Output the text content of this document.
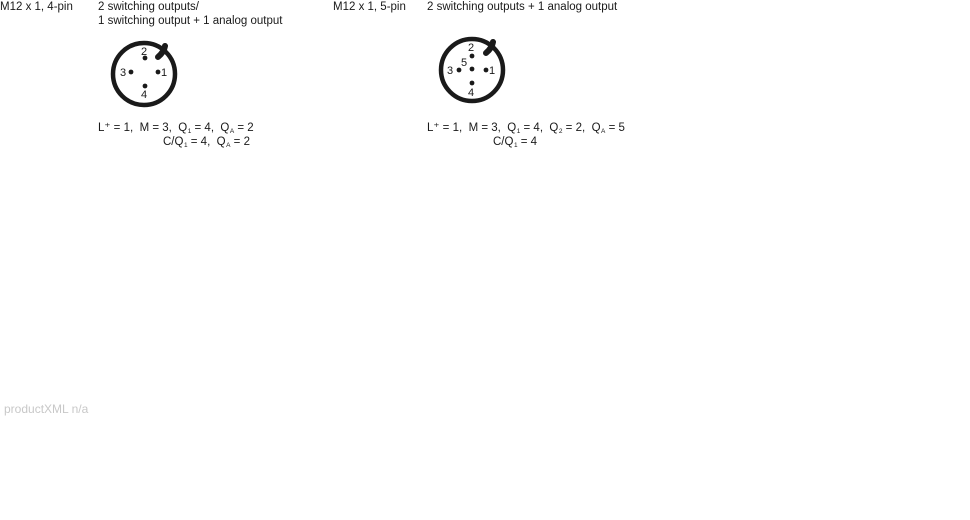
M12 x 1, 4-pin 2 switching outputs/
1 switching output + 1 analog output
2
3	1
4
L⁺ = 1, M = 3, $Q_1 = 4$, $Q_A = 2$
$C/Q_1 = 4$, $Q_A = 2$
M12 x 1, 5-pin 2 switching outputs + 1 analog output
2
3	1
4
5
L⁺ = 1, M = 3, $Q_1 = 4$, $Q_2 = 2$, $Q_A = 5$
$C/Q_1 = 4$
productXML n/a
